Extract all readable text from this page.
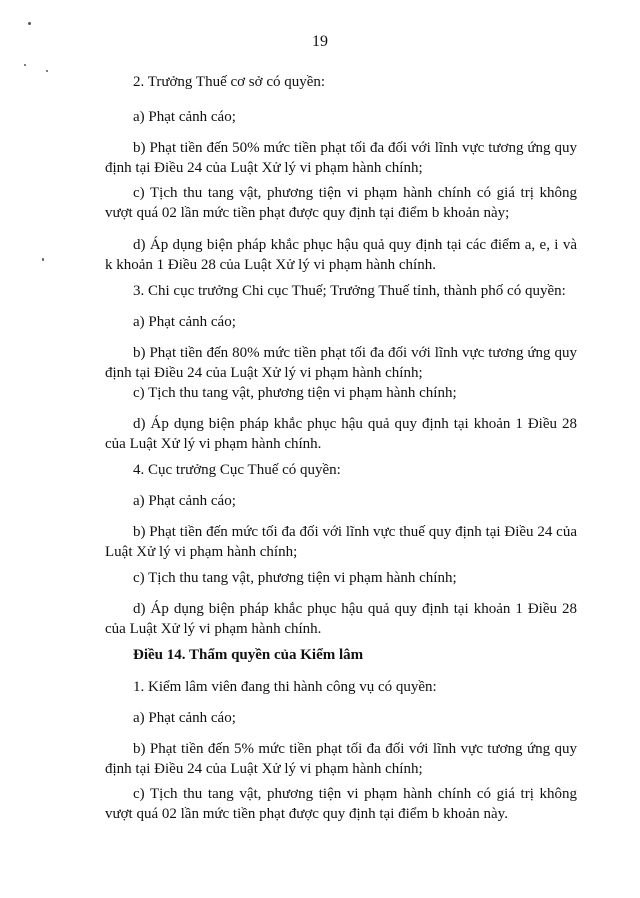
19

2. Trưởng Thuế cơ sở có quyền:

a) Phạt cảnh cáo;

b) Phạt tiền đến 50% mức tiền phạt tối đa đối với lĩnh vực tương ứng quy định tại Điều 24 của Luật Xử lý vi phạm hành chính;

c) Tịch thu tang vật, phương tiện vi phạm hành chính có giá trị không vượt quá 02 lần mức tiền phạt được quy định tại điểm b khoản này;

d) Áp dụng biện pháp khắc phục hậu quả quy định tại các điểm a, e, i và k khoản 1 Điều 28 của Luật Xử lý vi phạm hành chính.

3. Chi cục trưởng Chi cục Thuế; Trưởng Thuế tỉnh, thành phố có quyền:

a) Phạt cảnh cáo;

b) Phạt tiền đến 80% mức tiền phạt tối đa đối với lĩnh vực tương ứng quy định tại Điều 24 của Luật Xử lý vi phạm hành chính;

c) Tịch thu tang vật, phương tiện vi phạm hành chính;

d) Áp dụng biện pháp khắc phục hậu quả quy định tại khoản 1 Điều 28 của Luật Xử lý vi phạm hành chính.

4. Cục trưởng Cục Thuế có quyền:

a) Phạt cảnh cáo;

b) Phạt tiền đến mức tối đa đối với lĩnh vực thuế quy định tại Điều 24 của Luật Xử lý vi phạm hành chính;

c) Tịch thu tang vật, phương tiện vi phạm hành chính;

d) Áp dụng biện pháp khắc phục hậu quả quy định tại khoản 1 Điều 28 của Luật Xử lý vi phạm hành chính.

Điều 14. Thẩm quyền của Kiểm lâm

1. Kiểm lâm viên đang thi hành công vụ có quyền:

a) Phạt cảnh cáo;

b) Phạt tiền đến 5% mức tiền phạt tối đa đối với lĩnh vực tương ứng quy định tại Điều 24 của Luật Xử lý vi phạm hành chính;

c) Tịch thu tang vật, phương tiện vi phạm hành chính có giá trị không vượt quá 02 lần mức tiền phạt được quy định tại điểm b khoản này.
